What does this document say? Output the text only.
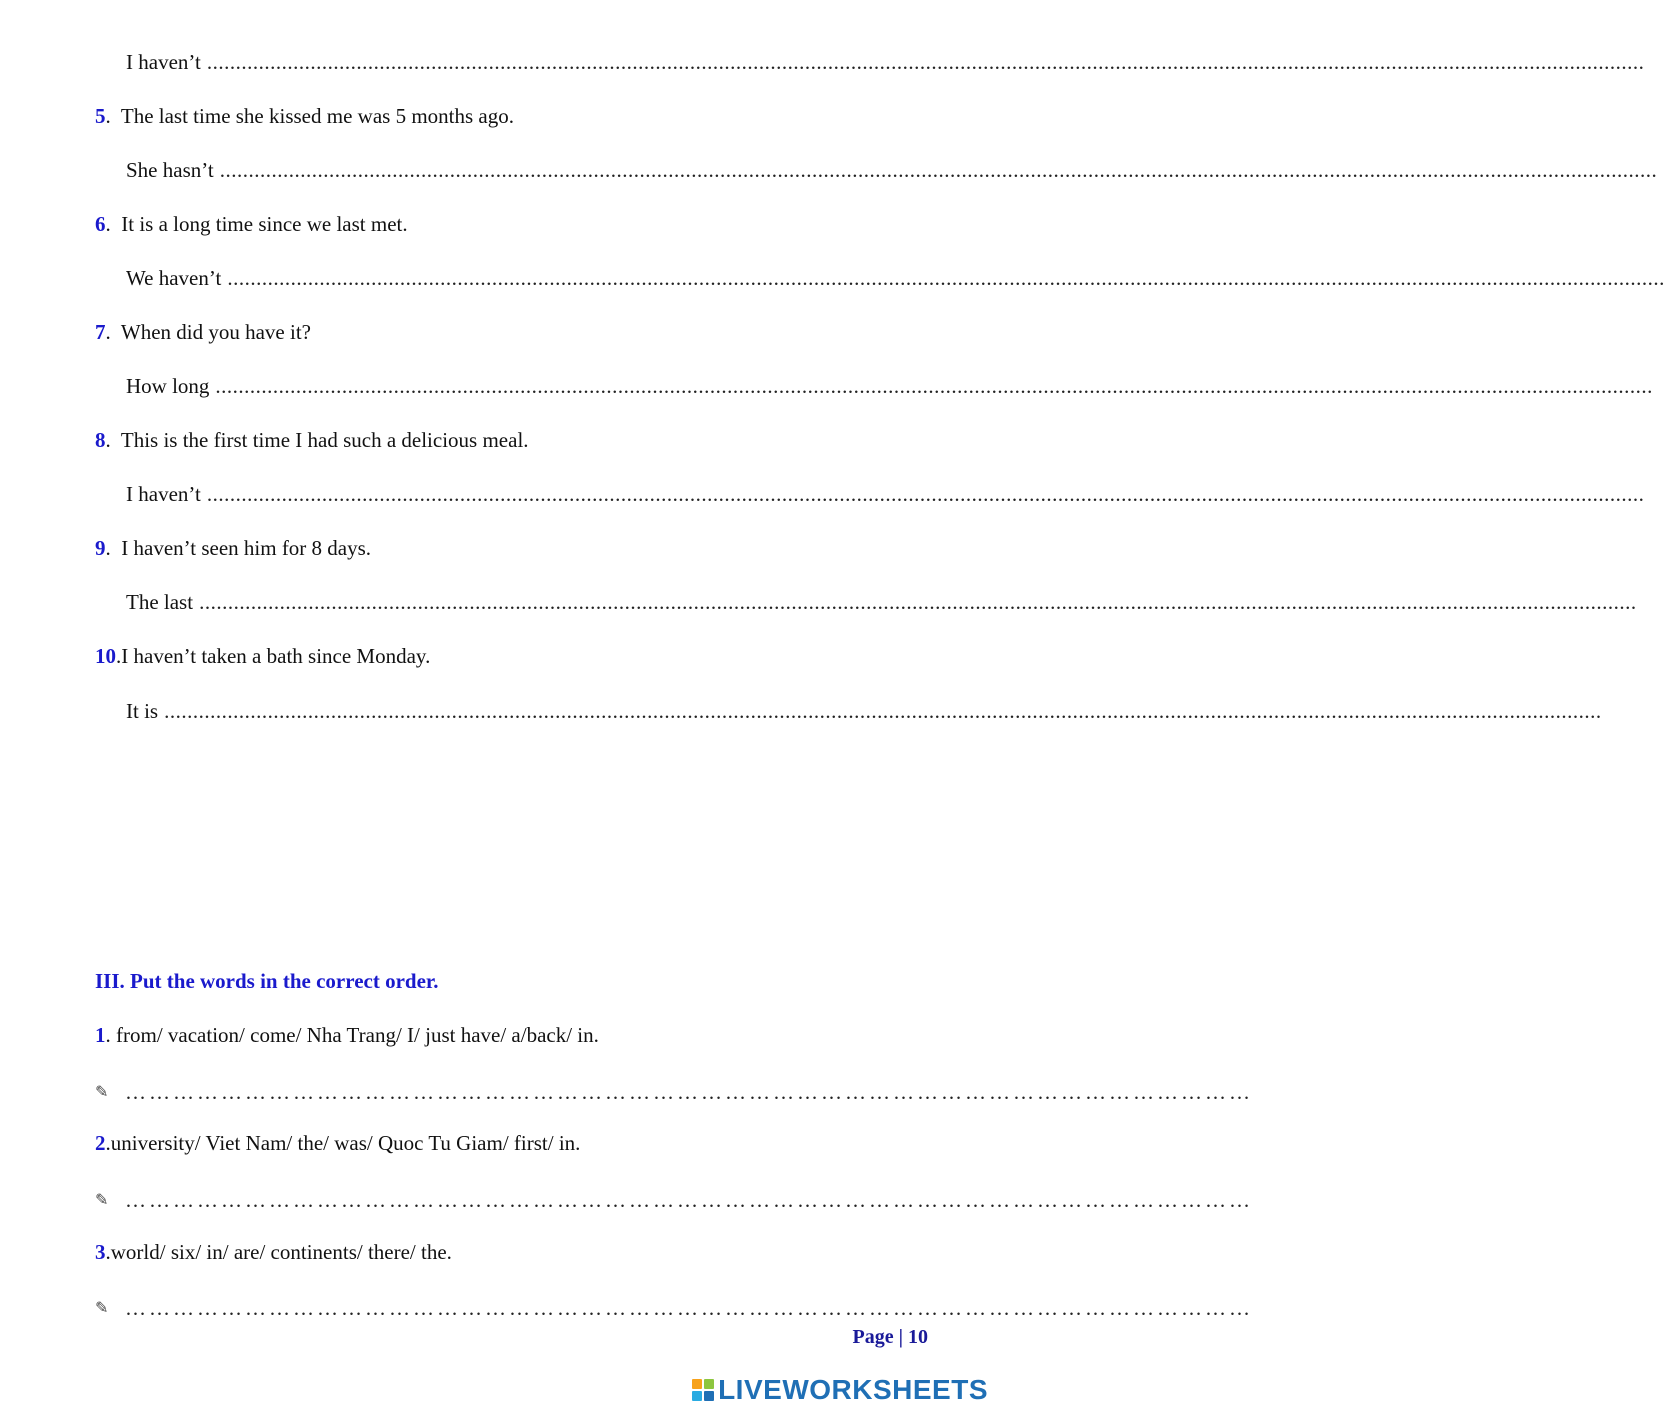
I haven’t ..........................................................................................................................................................................................................................................................
5.  The last time she kissed me was 5 months ago.
She hasn’t ..........................................................................................................................................................................................................................................................
6.  It is a long time since we last met.
We haven’t ..........................................................................................................................................................................................................................................................
7.  When did you have it?
How long ..........................................................................................................................................................................................................................................................
8.  This is the first time I had such a delicious meal.
I haven’t ..........................................................................................................................................................................................................................................................
9.  I haven’t seen him for 8 days.
The last ..........................................................................................................................................................................................................................................................
10.I haven’t taken a bath since Monday.
It is ..........................................................................................................................................................................................................................................................
III. Put the words in the correct order.
1. from/ vacation/ come/ Nha Trang/ I/ just have/ a/back/ in.
✎ ……………………………………………………………………………………………………………………………
2.university/ Viet Nam/ the/ was/ Quoc Tu Giam/ first/ in.
✎ ……………………………………………………………………………………………………………………………
3.world/ six/ in/ are/ continents/ there/ the.
✎ ……………………………………………………………………………………………………………………………
Page | 10
LIVEWORKSHEETS
